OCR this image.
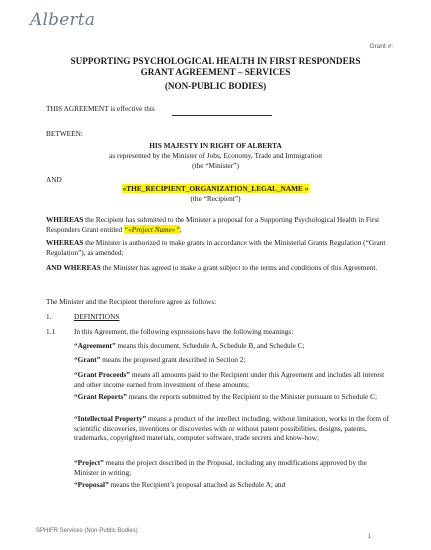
Alberta
Grant #:
SUPPORTING PSYCHOLOGICAL HEALTH IN FIRST RESPONDERS
GRANT AGREEMENT – SERVICES
(NON-PUBLIC BODIES)
THIS AGREEMENT is effective this
BETWEEN:
HIS MAJESTY IN RIGHT OF ALBERTA
as represented by the Minister of Jobs, Economy, Trade and Immigration
(the “Minister”)
AND
«THE_RECIPIENT_ORGANIZATION_LEGAL_NAME »
(the “Recipient”)
WHEREAS the Recipient has submitted to the Minister a proposal for a Supporting Psychological Health in First Responders Grant entitled “«Project Name»”;
WHEREAS the Minister is authorized to make grants in accordance with the Ministerial Grants Regulation (“Grant Regulation”), as amended;
AND WHEREAS the Minister has agreed to make a grant subject to the terms and conditions of this Agreement.
The Minister and the Recipient therefore agree as follows:
1.	DEFINITIONS
1.1	In this Agreement, the following expressions have the following meanings:
“Agreement” means this document, Schedule A, Schedule B, and Schedule C;
“Grant” means the proposed grant described in Section 2;
“Grant Proceeds” means all amounts paid to the Recipient under this Agreement and includes all interest and other income earned from investment of these amounts;
“Grant Reports” means the reports submitted by the Recipient to the Minister pursuant to Schedule C;
“Intellectual Property” means a product of the intellect including, without limitation, works in the form of scientific discoveries, inventions or discoveries with or without patent possibilities, designs, patents, trademarks, copyrighted materials, computer software, trade secrets and know-how;
“Project” means the project described in the Proposal, including any modifications approved by the Minister in writing;
“Proposal” means the Recipient’s proposal attached as Schedule A; and
SPHIFR Services (Non-Public Bodies)
1
